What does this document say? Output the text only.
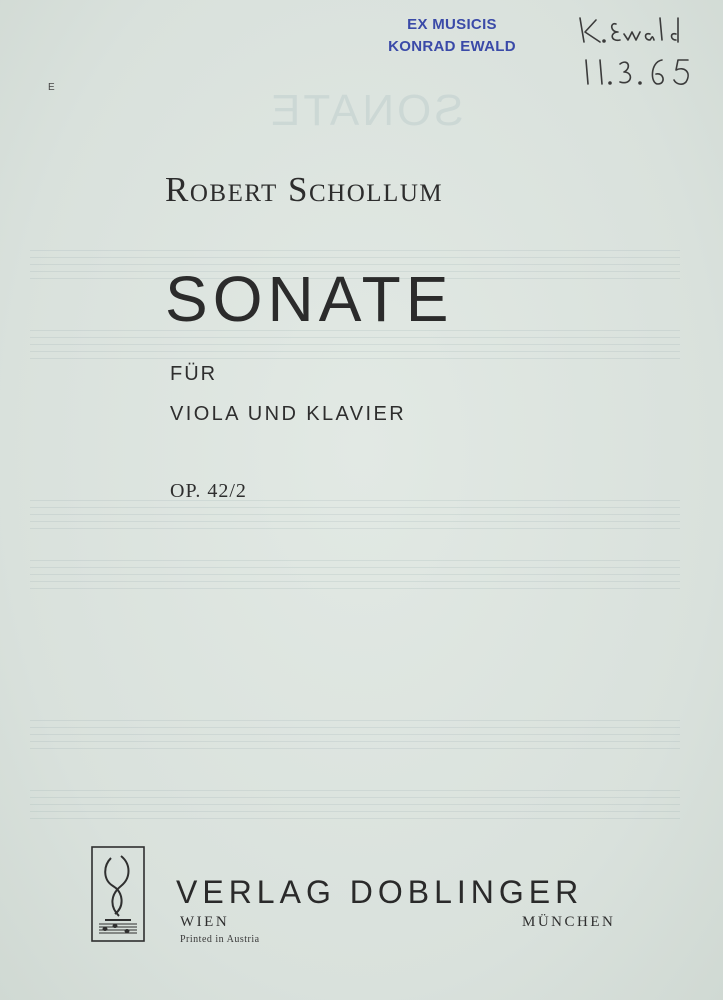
SONATE
EX MUSICIS
KONRAD EWALD
E
Robert Schollum
SONATE
FÜR
VIOLA UND KLAVIER
OP. 42/2
VERLAG DOBLINGER
WIEN	MÜNCHEN
Printed in Austria
